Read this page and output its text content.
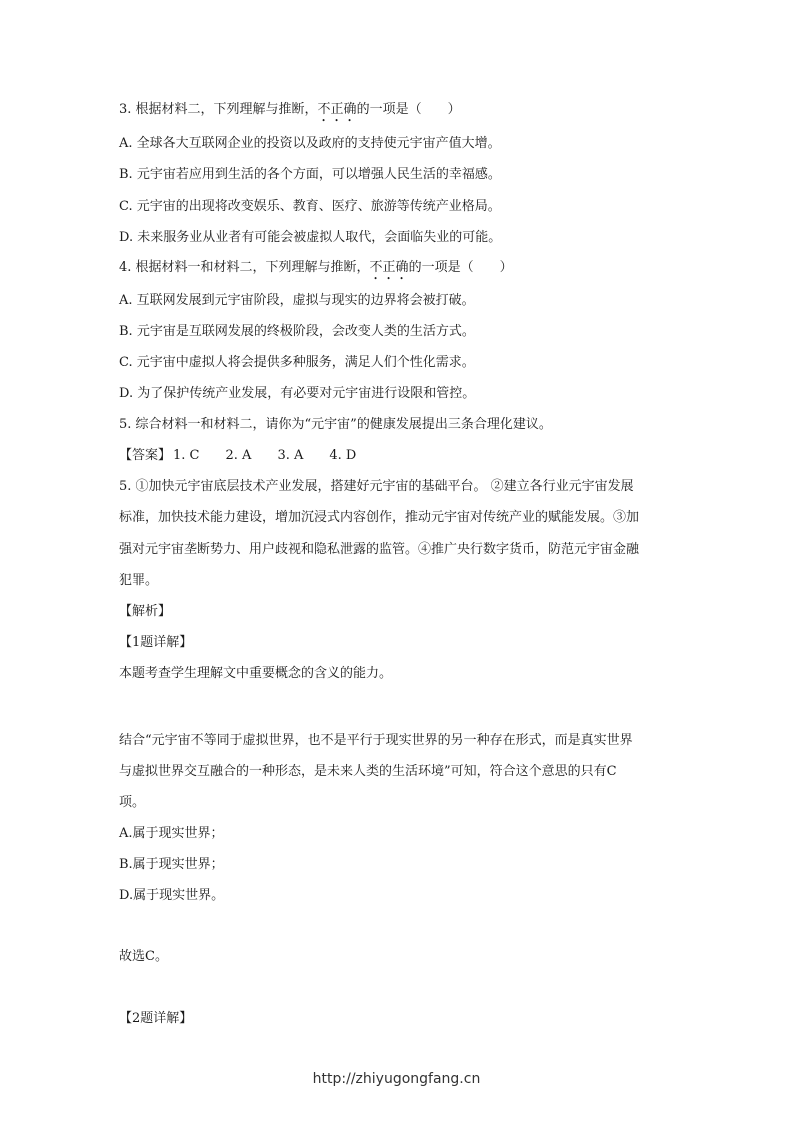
3. 根据材料二，下列理解与推断，不正确的一项是（　　）
A. 全球各大互联网企业的投资以及政府的支持使元宇宙产值大增。
B. 元宇宙若应用到生活的各个方面，可以增强人民生活的幸福感。
C. 元宇宙的出现将改变娱乐、教育、医疗、旅游等传统产业格局。
D. 未来服务业从业者有可能会被虚拟人取代，会面临失业的可能。
4. 根据材料一和材料二，下列理解与推断，不正确的一项是（　　）
A. 互联网发展到元宇宙阶段，虚拟与现实的边界将会被打破。
B. 元宇宙是互联网发展的终极阶段，会改变人类的生活方式。
C. 元宇宙中虚拟人将会提供多种服务，满足人们个性化需求。
D. 为了保护传统产业发展，有必要对元宇宙进行设限和管控。
5. 综合材料一和材料二，请你为“元宇宙”的健康发展提出三条合理化建议。
【答案】 1. C 2. A 3. A 4. D
5. ①加快元宇宙底层技术产业发展，搭建好元宇宙的基础平台。 ②建立各行业元宇宙发展
标准，加快技术能力建设，增加沉浸式内容创作，推动元宇宙对传统产业的赋能发展。③加
强对元宇宙垄断势力、用户歧视和隐私泄露的监管。④推广央行数字货币，防范元宇宙金融
犯罪。
【解析】
【1题详解】
本题考查学生理解文中重要概念的含义的能力。
结合“元宇宙不等同于虚拟世界，也不是平行于现实世界的另一种存在形式，而是真实世界
与虚拟世界交互融合的一种形态，是未来人类的生活环境”可知，符合这个意思的只有C
项。
A.属于现实世界；
B.属于现实世界；
D.属于现实世界。
故选C。
【2题详解】
http://zhiyugongfang.cn
